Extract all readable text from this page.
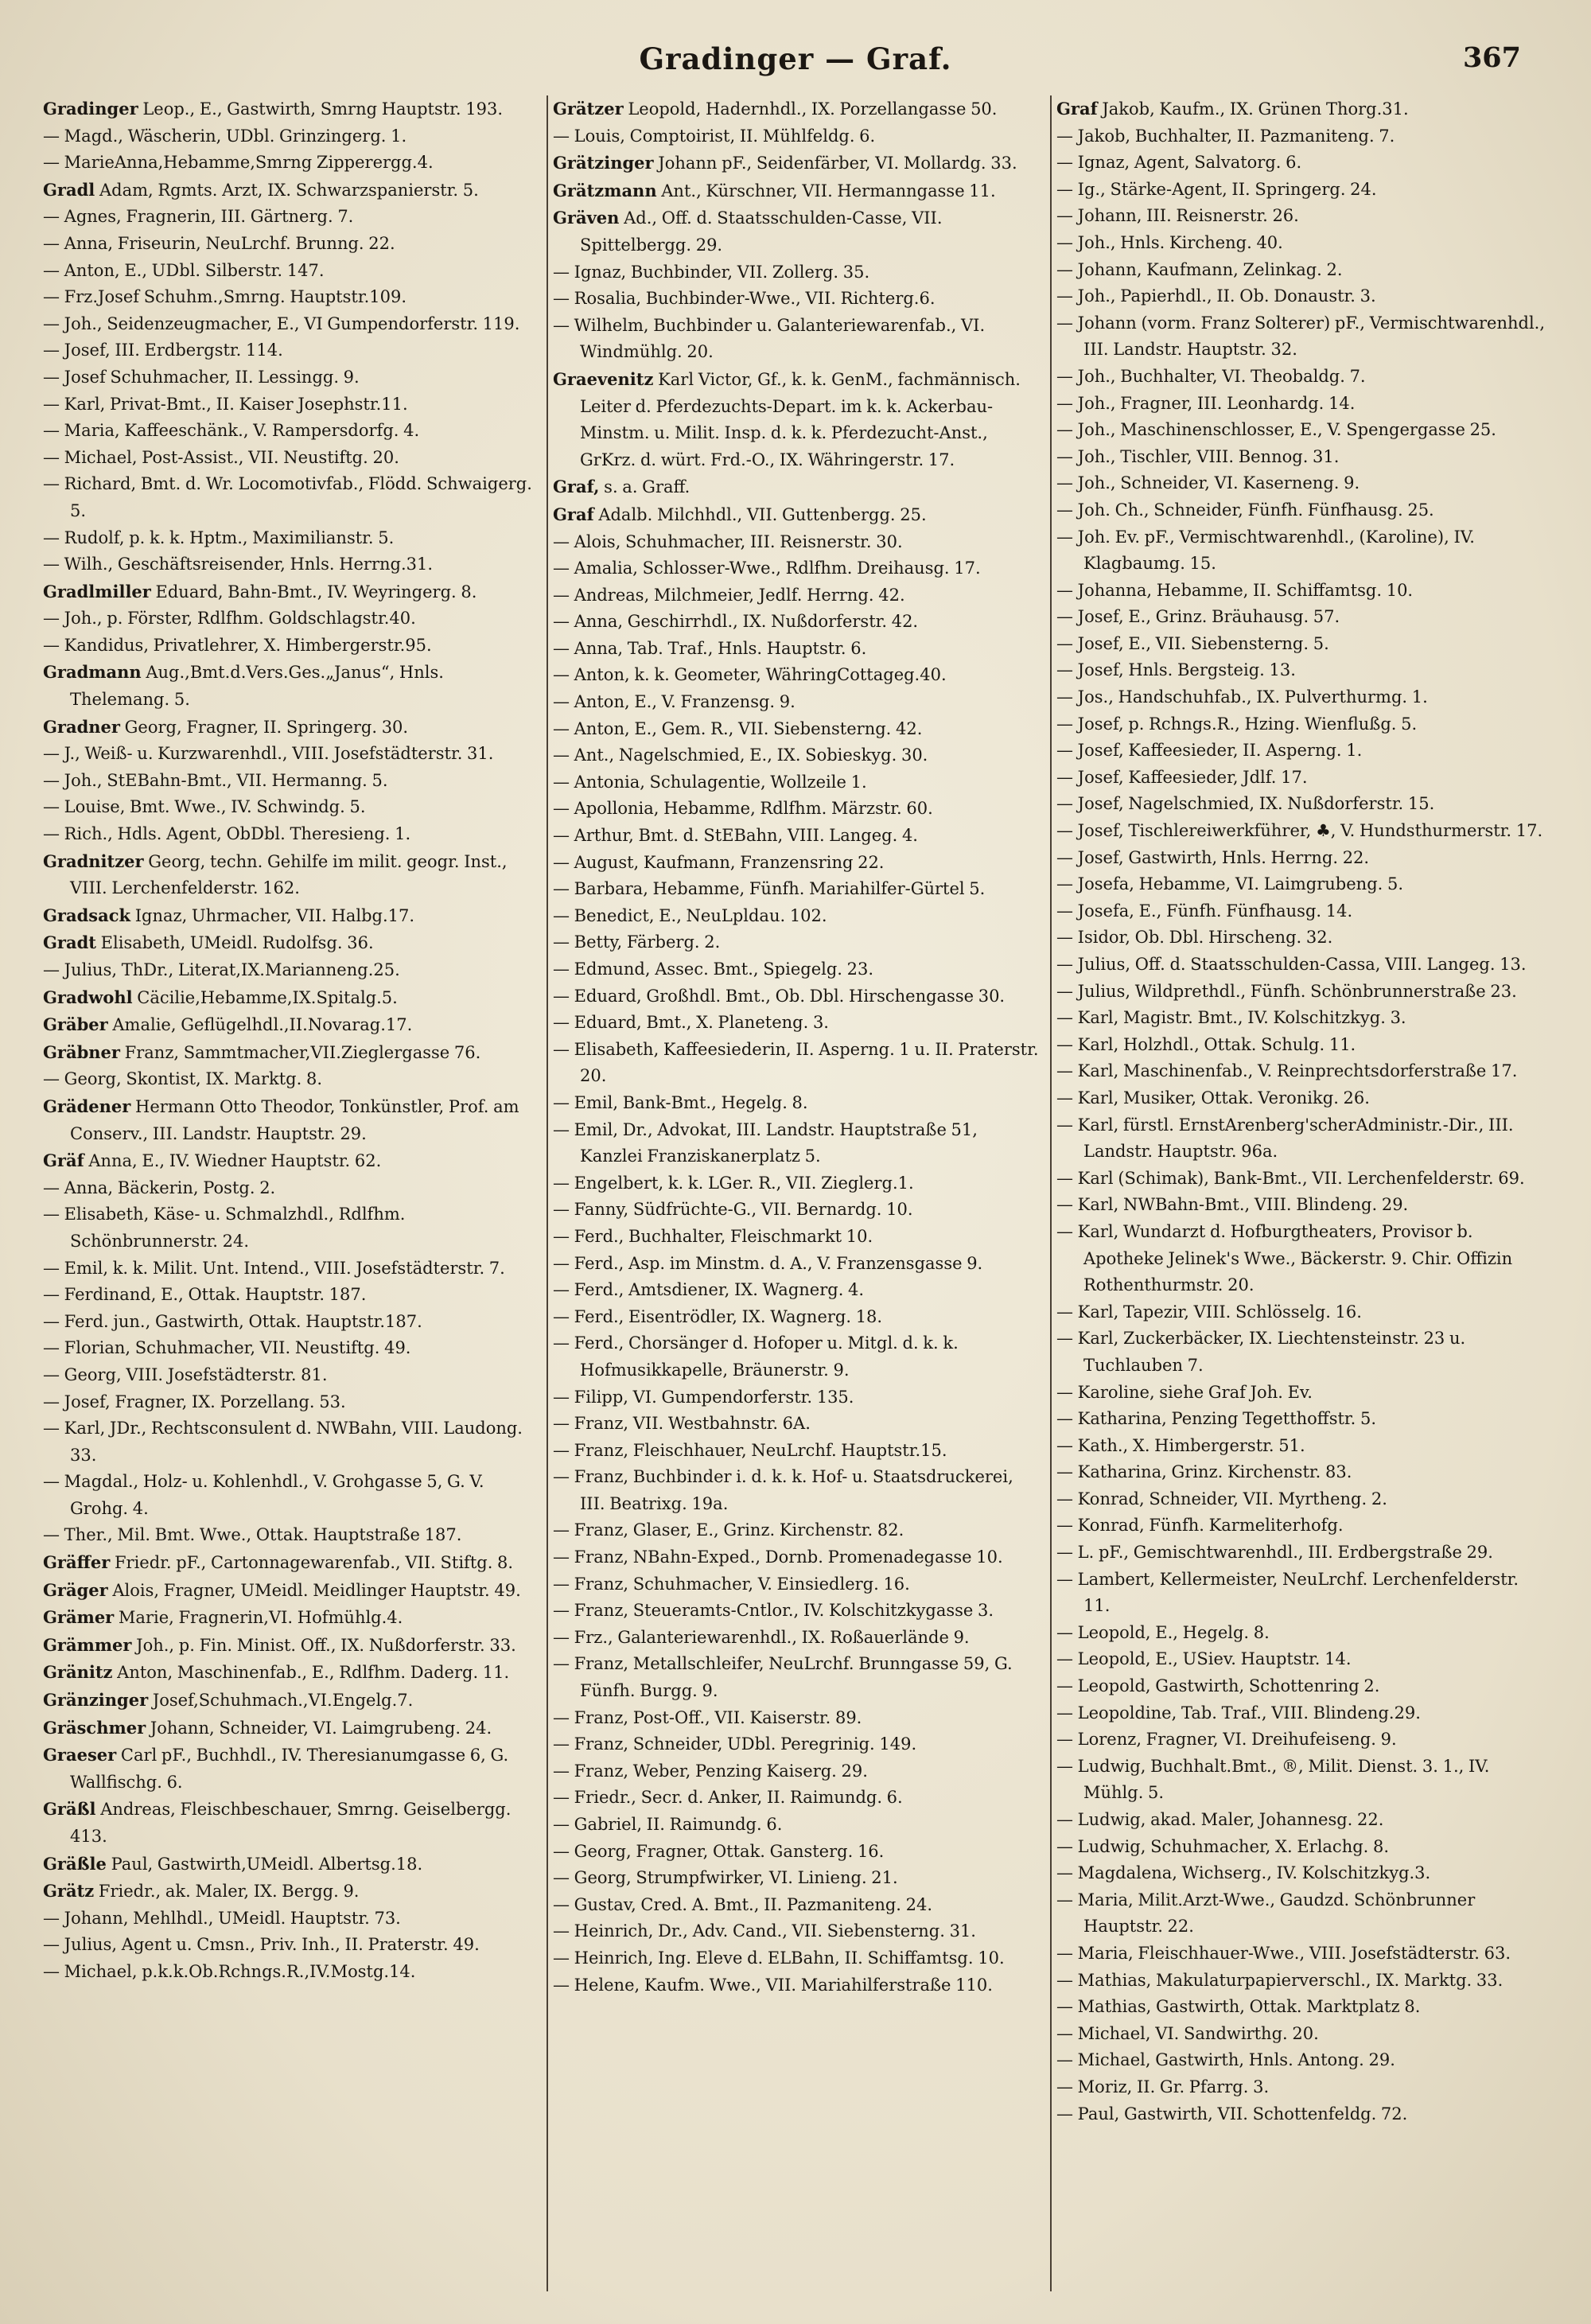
Gradinger — Graf.	367

Gradinger Leop., E., Gastwirth, Smrng Hauptstr. 193.

— Magd., Wäscherin, UDbl. Grinzingerg. 1.

— MarieAnna,Hebamme,Smrng Zipperergg.4.

Gradl Adam, Rgmts. Arzt, IX. Schwarzspanierstr. 5.

— Agnes, Fragnerin, III. Gärtnerg. 7.

— Anna, Friseurin, NeuLrchf. Brunng. 22.

— Anton, E., UDbl. Silberstr. 147.

— Frz.Josef Schuhm.,Smrng. Hauptstr.109.

— Joh., Seidenzeugmacher, E., VI Gumpendorferstr. 119.

— Josef, III. Erdbergstr. 114.

— Josef Schuhmacher, II. Lessingg. 9.

— Karl, Privat-Bmt., II. Kaiser Josephstr.11.

— Maria, Kaffeeschänk., V. Rampersdorfg. 4.

— Michael, Post-Assist., VII. Neustiftg. 20.

— Richard, Bmt. d. Wr. Locomotivfab., Flödd. Schwaigerg. 5.

— Rudolf, p. k. k. Hptm., Maximilianstr. 5.

— Wilh., Geschäftsreisender, Hnls. Herrng.31.

Gradlmiller Eduard, Bahn-Bmt., IV. Weyringerg. 8.

— Joh., p. Förster, Rdlfhm. Goldschlagstr.40.

— Kandidus, Privatlehrer, X. Himbergerstr.95.

Gradmann Aug.,Bmt.d.Vers.Ges.„Janus“, Hnls. Thelemang. 5.

Gradner Georg, Fragner, II. Springerg. 30.

— J., Weiß- u. Kurzwarenhdl., VIII. Josefstädterstr. 31.

— Joh., StEBahn-Bmt., VII. Hermanng. 5.

— Louise, Bmt. Wwe., IV. Schwindg. 5.

— Rich., Hdls. Agent, ObDbl. Theresieng. 1.

Gradnitzer Georg, techn. Gehilfe im milit. geogr. Inst., VIII. Lerchenfelderstr. 162.

Gradsack Ignaz, Uhrmacher, VII. Halbg.17.

Gradt Elisabeth, UMeidl. Rudolfsg. 36.

— Julius, ThDr., Literat,IX.Marianneng.25.

Gradwohl Cäcilie,Hebamme,IX.Spitalg.5.

Gräber Amalie, Geflügelhdl.,II.Novarag.17.

Gräbner Franz, Sammtmacher,VII.Zieglergasse 76.

— Georg, Skontist, IX. Marktg. 8.

Grädener Hermann Otto Theodor, Tonkünstler, Prof. am Conserv., III. Landstr. Hauptstr. 29.

Gräf Anna, E., IV. Wiedner Hauptstr. 62.

— Anna, Bäckerin, Postg. 2.

— Elisabeth, Käse- u. Schmalzhdl., Rdlfhm. Schönbrunnerstr. 24.

— Emil, k. k. Milit. Unt. Intend., VIII. Josefstädterstr. 7.

— Ferdinand, E., Ottak. Hauptstr. 187.

— Ferd. jun., Gastwirth, Ottak. Hauptstr.187.

— Florian, Schuhmacher, VII. Neustiftg. 49.

— Georg, VIII. Josefstädterstr. 81.

— Josef, Fragner, IX. Porzellang. 53.

— Karl, JDr., Rechtsconsulent d. NWBahn, VIII. Laudong. 33.

— Magdal., Holz- u. Kohlenhdl., V. Grohgasse 5, G. V. Grohg. 4.

— Ther., Mil. Bmt. Wwe., Ottak. Hauptstraße 187.

Gräffer Friedr. pF., Cartonnagewarenfab., VII. Stiftg. 8.

Gräger Alois, Fragner, UMeidl. Meidlinger Hauptstr. 49.

Grämer Marie, Fragnerin,VI. Hofmühlg.4.

Grämmer Joh., p. Fin. Minist. Off., IX. Nußdorferstr. 33.

Gränitz Anton, Maschinenfab., E., Rdlfhm. Daderg. 11.

Gränzinger Josef,Schuhmach.,VI.Engelg.7.

Gräschmer Johann, Schneider, VI. Laimgrubeng. 24.

Graeser Carl pF., Buchhdl., IV. Theresianumgasse 6, G. Wallfischg. 6.

Gräßl Andreas, Fleischbeschauer, Smrng. Geiselbergg. 413.

Gräßle Paul, Gastwirth,UMeidl. Albertsg.18.

Grätz Friedr., ak. Maler, IX. Bergg. 9.

— Johann, Mehlhdl., UMeidl. Hauptstr. 73.

— Julius, Agent u. Cmsn., Priv. Inh., II. Praterstr. 49.

— Michael, p.k.k.Ob.Rchngs.R.,IV.Mostg.14.

Grätzer Leopold, Hadernhdl., IX. Porzellangasse 50.

— Louis, Comptoirist, II. Mühlfeldg. 6.

Grätzinger Johann pF., Seidenfärber, VI. Mollardg. 33.

Grätzmann Ant., Kürschner, VII. Hermanngasse 11.

Gräven Ad., Off. d. Staatsschulden-Casse, VII. Spittelbergg. 29.

— Ignaz, Buchbinder, VII. Zollerg. 35.

— Rosalia, Buchbinder-Wwe., VII. Richterg.6.

— Wilhelm, Buchbinder u. Galanteriewarenfab., VI. Windmühlg. 20.

Graevenitz Karl Victor, Gf., k. k. GenM., fachmännisch. Leiter d. Pferdezuchts-Depart. im k. k. Ackerbau-Minstm. u. Milit. Insp. d. k. k. Pferdezucht-Anst., GrKrz. d. würt. Frd.-O., IX. Währingerstr. 17.

Graf, s. a. Graff.

Graf Adalb. Milchhdl., VII. Guttenbergg. 25.

— Alois, Schuhmacher, III. Reisnerstr. 30.

— Amalia, Schlosser-Wwe., Rdlfhm. Dreihausg. 17.

— Andreas, Milchmeier, Jedlf. Herrng. 42.

— Anna, Geschirrhdl., IX. Nußdorferstr. 42.

— Anna, Tab. Traf., Hnls. Hauptstr. 6.

— Anton, k. k. Geometer, WähringCottageg.40.

— Anton, E., V. Franzensg. 9.

— Anton, E., Gem. R., VII. Siebensterng. 42.

— Ant., Nagelschmied, E., IX. Sobieskyg. 30.

— Antonia, Schulagentie, Wollzeile 1.

— Apollonia, Hebamme, Rdlfhm. Märzstr. 60.

— Arthur, Bmt. d. StEBahn, VIII. Langeg. 4.

— August, Kaufmann, Franzensring 22.

— Barbara, Hebamme, Fünfh. Mariahilfer-Gürtel 5.

— Benedict, E., NeuLpldau. 102.

— Betty, Färberg. 2.

— Edmund, Assec. Bmt., Spiegelg. 23.

— Eduard, Großhdl. Bmt., Ob. Dbl. Hirschengasse 30.

— Eduard, Bmt., X. Planeteng. 3.

— Elisabeth, Kaffeesiederin, II. Asperng. 1 u. II. Praterstr. 20.

— Emil, Bank-Bmt., Hegelg. 8.

— Emil, Dr., Advokat, III. Landstr. Hauptstraße 51, Kanzlei Franziskanerplatz 5.

— Engelbert, k. k. LGer. R., VII. Zieglerg.1.

— Fanny, Südfrüchte-G., VII. Bernardg. 10.

— Ferd., Buchhalter, Fleischmarkt 10.

— Ferd., Asp. im Minstm. d. A., V. Franzensgasse 9.

— Ferd., Amtsdiener, IX. Wagnerg. 4.

— Ferd., Eisentrödler, IX. Wagnerg. 18.

— Ferd., Chorsänger d. Hofoper u. Mitgl. d. k. k. Hofmusikkapelle, Bräunerstr. 9.

— Filipp, VI. Gumpendorferstr. 135.

— Franz, VII. Westbahnstr. 6A.

— Franz, Fleischhauer, NeuLrchf. Hauptstr.15.

— Franz, Buchbinder i. d. k. k. Hof- u. Staatsdruckerei, III. Beatrixg. 19a.

— Franz, Glaser, E., Grinz. Kirchenstr. 82.

— Franz, NBahn-Exped., Dornb. Promenadegasse 10.

— Franz, Schuhmacher, V. Einsiedlerg. 16.

— Franz, Steueramts-Cntlor., IV. Kolschitzkygasse 3.

— Frz., Galanteriewarenhdl., IX. Roßauerlände 9.

— Franz, Metallschleifer, NeuLrchf. Brunngasse 59, G. Fünfh. Burgg. 9.

— Franz, Post-Off., VII. Kaiserstr. 89.

— Franz, Schneider, UDbl. Peregrinig. 149.

— Franz, Weber, Penzing Kaiserg. 29.

— Friedr., Secr. d. Anker, II. Raimundg. 6.

— Gabriel, II. Raimundg. 6.

— Georg, Fragner, Ottak. Gansterg. 16.

— Georg, Strumpfwirker, VI. Linieng. 21.

— Gustav, Cred. A. Bmt., II. Pazmaniteng. 24.

— Heinrich, Dr., Adv. Cand., VII. Siebensterng. 31.

— Heinrich, Ing. Eleve d. ELBahn, II. Schiffamtsg. 10.

— Helene, Kaufm. Wwe., VII. Mariahilferstraße 110.

Graf Jakob, Kaufm., IX. Grünen Thorg.31.

— Jakob, Buchhalter, II. Pazmaniteng. 7.

— Ignaz, Agent, Salvatorg. 6.

— Ig., Stärke-Agent, II. Springerg. 24.

— Johann, III. Reisnerstr. 26.

— Joh., Hnls. Kircheng. 40.

— Johann, Kaufmann, Zelinkag. 2.

— Joh., Papierhdl., II. Ob. Donaustr. 3.

— Johann (vorm. Franz Solterer) pF., Vermischtwarenhdl., III. Landstr. Hauptstr. 32.

— Joh., Buchhalter, VI. Theobaldg. 7.

— Joh., Fragner, III. Leonhardg. 14.

— Joh., Maschinenschlosser, E., V. Spengergasse 25.

— Joh., Tischler, VIII. Bennog. 31.

— Joh., Schneider, VI. Kaserneng. 9.

— Joh. Ch., Schneider, Fünfh. Fünfhausg. 25.

— Joh. Ev. pF., Vermischtwarenhdl., (Karoline), IV. Klagbaumg. 15.

— Johanna, Hebamme, II. Schiffamtsg. 10.

— Josef, E., Grinz. Bräuhausg. 57.

— Josef, E., VII. Siebensterng. 5.

— Josef, Hnls. Bergsteig. 13.

— Jos., Handschuhfab., IX. Pulverthurmg. 1.

— Josef, p. Rchngs.R., Hzing. Wienflußg. 5.

— Josef, Kaffeesieder, II. Asperng. 1.

— Josef, Kaffeesieder, Jdlf. 17.

— Josef, Nagelschmied, IX. Nußdorferstr. 15.

— Josef, Tischlereiwerkführer, ♣, V. Hundsthurmerstr. 17.

— Josef, Gastwirth, Hnls. Herrng. 22.

— Josefa, Hebamme, VI. Laimgrubeng. 5.

— Josefa, E., Fünfh. Fünfhausg. 14.

— Isidor, Ob. Dbl. Hirscheng. 32.

— Julius, Off. d. Staatsschulden-Cassa, VIII. Langeg. 13.

— Julius, Wildprethdl., Fünfh. Schönbrunnerstraße 23.

— Karl, Magistr. Bmt., IV. Kolschitzkyg. 3.

— Karl, Holzhdl., Ottak. Schulg. 11.

— Karl, Maschinenfab., V. Reinprechtsdorferstraße 17.

— Karl, Musiker, Ottak. Veronikg. 26.

— Karl, fürstl. ErnstArenberg'scherAdministr.-Dir., III. Landstr. Hauptstr. 96a.

— Karl (Schimak), Bank-Bmt., VII. Lerchenfelderstr. 69.

— Karl, NWBahn-Bmt., VIII. Blindeng. 29.

— Karl, Wundarzt d. Hofburgtheaters, Provisor b. Apotheke Jelinek's Wwe., Bäckerstr. 9. Chir. Offizin Rothenthurmstr. 20.

— Karl, Tapezir, VIII. Schlösselg. 16.

— Karl, Zuckerbäcker, IX. Liechtensteinstr. 23 u. Tuchlauben 7.

— Karoline, siehe Graf Joh. Ev.

— Katharina, Penzing Tegetthoffstr. 5.

— Kath., X. Himbergerstr. 51.

— Katharina, Grinz. Kirchenstr. 83.

— Konrad, Schneider, VII. Myrtheng. 2.

— Konrad, Fünfh. Karmeliterhofg.

— L. pF., Gemischtwarenhdl., III. Erdbergstraße 29.

— Lambert, Kellermeister, NeuLrchf. Lerchenfelderstr. 11.

— Leopold, E., Hegelg. 8.

— Leopold, E., USiev. Hauptstr. 14.

— Leopold, Gastwirth, Schottenring 2.

— Leopoldine, Tab. Traf., VIII. Blindeng.29.

— Lorenz, Fragner, VI. Dreihufeiseng. 9.

— Ludwig, Buchhalt.Bmt., ®, Milit. Dienst. 3. 1., IV. Mühlg. 5.

— Ludwig, akad. Maler, Johannesg. 22.

— Ludwig, Schuhmacher, X. Erlachg. 8.

— Magdalena, Wichserg., IV. Kolschitzkyg.3.

— Maria, Milit.Arzt-Wwe., Gaudzd. Schönbrunner Hauptstr. 22.

— Maria, Fleischhauer-Wwe., VIII. Josefstädterstr. 63.

— Mathias, Makulaturpapierverschl., IX. Marktg. 33.

— Mathias, Gastwirth, Ottak. Marktplatz 8.

— Michael, VI. Sandwirthg. 20.

— Michael, Gastwirth, Hnls. Antong. 29.

— Moriz, II. Gr. Pfarrg. 3.

— Paul, Gastwirth, VII. Schottenfeldg. 72.
